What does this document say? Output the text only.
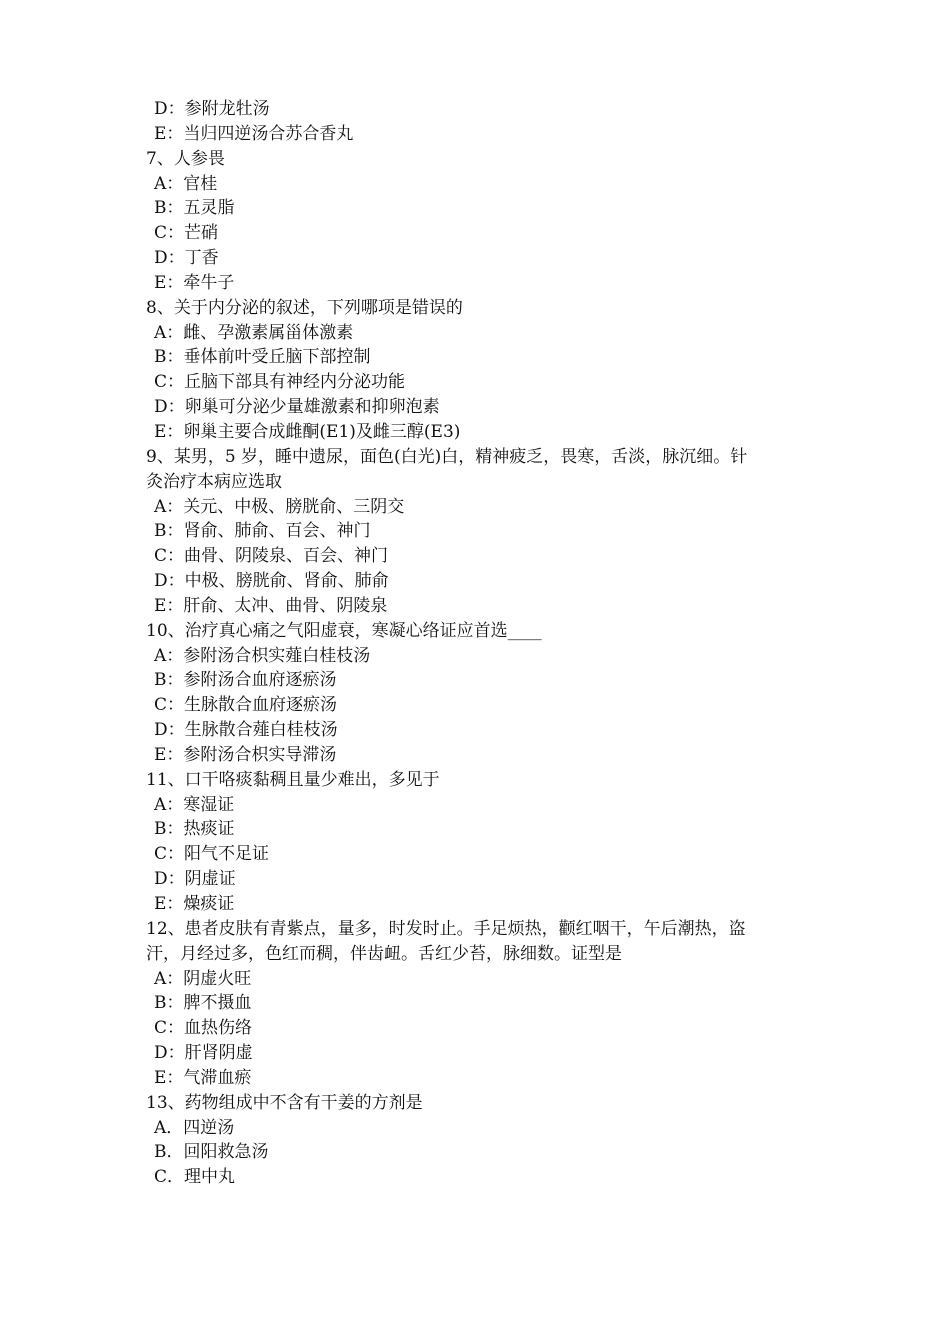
D：参附龙牡汤
E：当归四逆汤合苏合香丸
7、人参畏
A：官桂
B：五灵脂
C：芒硝
D：丁香
E：牵牛子
8、关于内分泌的叙述，下列哪项是错误的
A：雌、孕激素属甾体激素
B：垂体前叶受丘脑下部控制
C：丘脑下部具有神经内分泌功能
D：卵巢可分泌少量雄激素和抑卵泡素
E：卵巢主要合成雌酮(E1)及雌三醇(E3)
9、某男，5 岁，睡中遗尿，面色(白光)白，精神疲乏，畏寒，舌淡，脉沉细。针
灸治疗本病应选取
A：关元、中极、膀胱俞、三阴交
B：肾俞、肺俞、百会、神门
C：曲骨、阴陵泉、百会、神门
D：中极、膀胱俞、肾俞、肺俞
E：肝俞、太冲、曲骨、阴陵泉
10、治疗真心痛之气阳虚衰，寒凝心络证应首选____
A：参附汤合枳实薤白桂枝汤
B：参附汤合血府逐瘀汤
C：生脉散合血府逐瘀汤
D：生脉散合薤白桂枝汤
E：参附汤合枳实导滞汤
11、口干咯痰黏稠且量少难出，多见于
A：寒湿证
B：热痰证
C：阳气不足证
D：阴虚证
E：燥痰证
12、患者皮肤有青紫点，量多，时发时止。手足烦热，颧红咽干，午后潮热，盗
汗，月经过多，色红而稠，伴齿衄。舌红少苔，脉细数。证型是
A：阴虚火旺
B：脾不摄血
C：血热伤络
D：肝肾阴虚
E：气滞血瘀
13、药物组成中不含有干姜的方剂是
A．四逆汤
B．回阳救急汤
C．理中丸
